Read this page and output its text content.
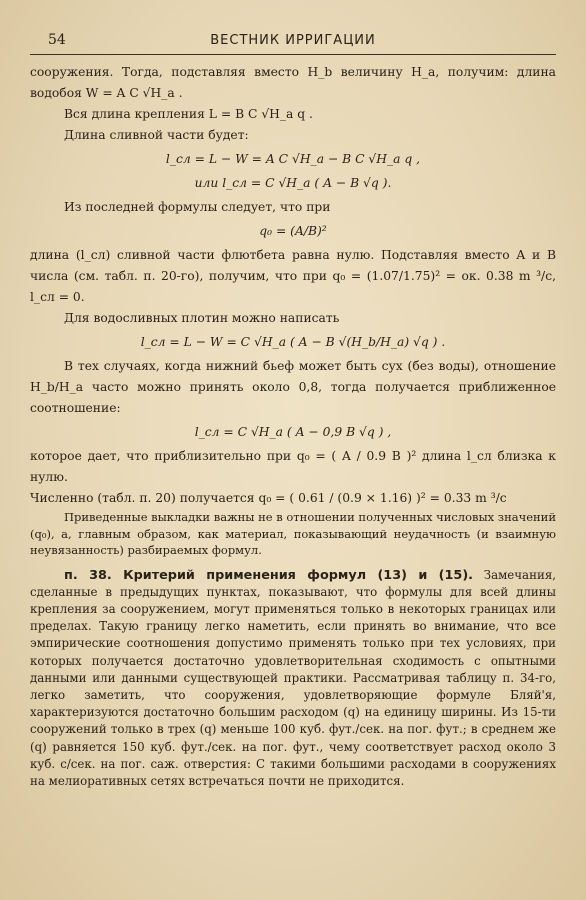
54	ВЕСТНИК ИРРИГАЦИИ

сооружения. Тогда, подставляя вместо H_b величину H_a, получим: длина водобоя W = A C √H_a .

Вся длина крепления L = B C √H_a q .

Длина сливной части будет:

l_сл = L − W = A C √H_a − B C √H_a q ,
или l_сл = C √H_a ( A − B √q ).

Из последней формулы следует, что при

q₀ = (A/B)²

длина (l_сл) сливной части флютбета равна нулю. Подставляя вместо A и B числа (см. табл. п. 20-го), получим, что при q₀ = (1.07/1.75)² = ок. 0.38 m ³/с, l_сл = 0.

Для водосливных плотин можно написать

l_сл = L − W = C √H_a ( A − B √(H_b/H_a) √q ) .

В тех случаях, когда нижний бьеф может быть сух (без воды), отношение H_b/H_a часто можно принять около 0,8, тогда получается приближенное соотношение:

l_сл = C √H_a ( A − 0,9 B √q ) ,

которое дает, что приблизительно при q₀ = ( A / 0.9 B )² длина l_сл близка к нулю.

Численно (табл. п. 20) получается q₀ = ( 0.61 / (0.9 × 1.16) )² = 0.33 m ³/с

Приведенные выкладки важны не в отношении полученных числовых значений (q₀), а, главным образом, как материал, показывающий неудачность (и взаимную неувязанность) разбираемых формул.

п. 38. Критерий применения формул (13) и (15). Замечания, сделанные в предыдущих пунктах, показывают, что формулы для всей длины крепления за сооружением, могут применяться только в некоторых границах или пределах. Такую границу легко наметить, если принять во внимание, что все эмпирические соотношения допустимо применять только при тех условиях, при которых получается достаточно удовлетворительная сходимость с опытными данными или данными существующей практики. Рассматривая таблицу п. 34-го, легко заметить, что сооружения, удовлетворяющие формуле Бляй'я, характеризуются достаточно большим расходом (q) на единицу ширины. Из 15-ти сооружений только в трех (q) меньше 100 куб. фут./сек. на пог. фут.; в среднем же (q) равняется 150 куб. фут./сек. на пог. фут., чему соответствует расход около 3 куб. с/сек. на пог. саж. отверстия: С такими большими расходами в сооружениях на мелиоративных сетях встречаться почти не приходится.
